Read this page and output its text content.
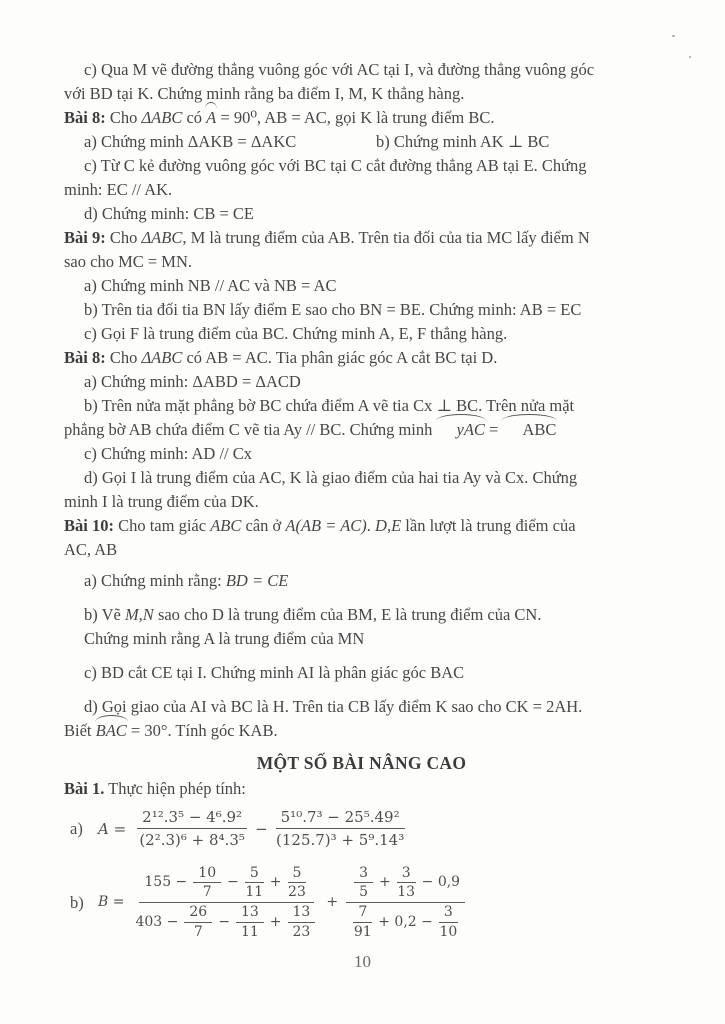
c) Qua M vẽ đường thẳng vuông góc với AC tại I, và đường thẳng vuông góc
với BD tại K. Chứng minh rằng ba điểm I, M, K thẳng hàng.

Bài 8: Cho ΔABC có A = 90⁰, AB = AC, gọi K là trung điểm BC.

a) Chứng minh ΔAKB = ΔAKC	b) Chứng minh AK ⊥ BC

c) Từ C kẻ đường vuông góc với BC tại C cắt đường thẳng AB tại E. Chứng
minh: EC // AK.

d) Chứng minh: CB = CE

Bài 9: Cho ΔABC, M là trung điểm của AB. Trên tia đối của tia MC lấy điểm N
sao cho MC = MN.

a) Chứng minh NB // AC và NB = AC

b) Trên tia đối tia BN lấy điểm E sao cho BN = BE. Chứng minh: AB = EC

c) Gọi F là trung điểm của BC. Chứng minh A, E, F thẳng hàng.

Bài 8: Cho ΔABC có AB = AC. Tia phân giác góc A cắt BC tại D.

a) Chứng minh: ΔABD = ΔACD

b) Trên nửa mặt phẳng bờ BC chứa điểm A vẽ tia Cx ⊥ BC. Trên nửa mặt
phẳng bờ AB chứa điểm C vẽ tia Ay // BC. Chứng minh yAC = ABC

c) Chứng minh: AD // Cx

d) Gọi I là trung điểm của AC, K là giao điểm của hai tia Ay và Cx. Chứng
minh I là trung điểm của DK.

Bài 10: Cho tam giác ABC cân ở A(AB = AC). D,E lần lượt là trung điểm của
AC, AB

a) Chứng minh rằng: BD = CE

b) Vẽ M,N sao cho D là trung điểm của BM, E là trung điểm của CN.

Chứng minh rằng A là trung điểm của MN

c) BD cắt CE tại I. Chứng minh AI là phân giác góc BAC

d) Gọi giao của AI và BC là H. Trên tia CB lấy điểm K sao cho CK = 2AH.

Biết BAC = 30°. Tính góc KAB.

MỘT SỐ BÀI NÂNG CAO

Bài 1. Thực hiện phép tính:

a)	$A = \frac{\text{2¹².3⁵ − 4⁶.9²}}{\text{(2².3)⁶ + 8⁴.3⁵}} - \frac{\text{5¹⁰.7³ − 25⁵.49²}}{\text{(125.7)³ + 5⁹.14³}}$
b)	B =
$155 - \frac{10}{7} - \frac{5}{11} + \frac{5}{23}$
$403 - \frac{26}{7} - \frac{13}{11} + \frac{13}{23}$
+ $\frac{\frac{3}{5} + \frac{3}{13} - 0,9}{\frac{7}{91} + 0,2 - \frac{3}{10}}$
10
